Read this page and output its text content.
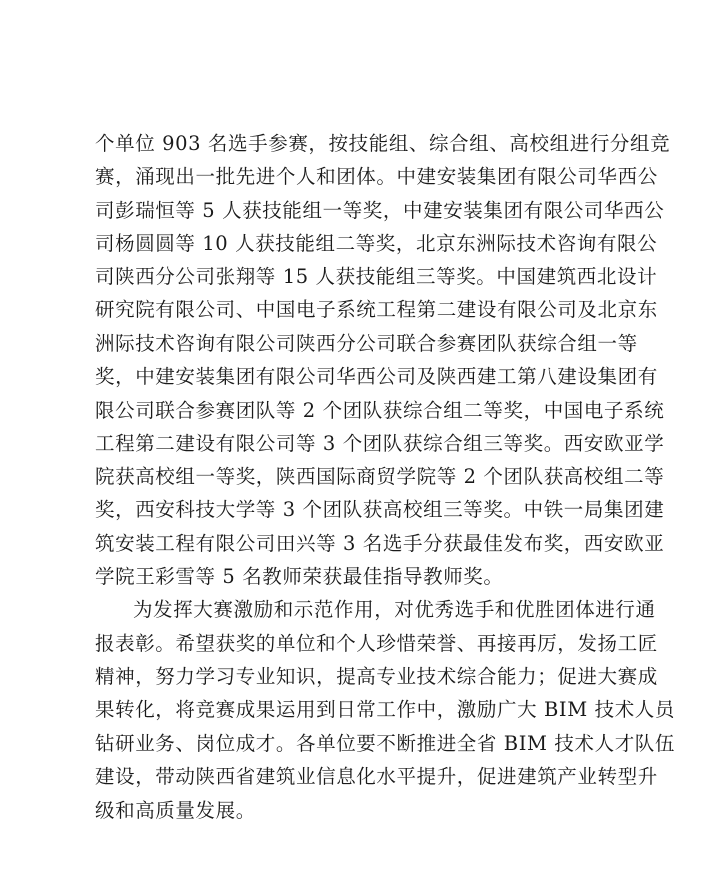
个单位 903 名选手参赛，按技能组、综合组、高校组进行分组竞
赛，涌现出一批先进个人和团体。中建安装集团有限公司华西公
司彭瑞恒等 5 人获技能组一等奖，中建安装集团有限公司华西公
司杨圆圆等 10 人获技能组二等奖，北京东洲际技术咨询有限公
司陕西分公司张翔等 15 人获技能组三等奖。中国建筑西北设计
研究院有限公司、中国电子系统工程第二建设有限公司及北京东
洲际技术咨询有限公司陕西分公司联合参赛团队获综合组一等
奖，中建安装集团有限公司华西公司及陕西建工第八建设集团有
限公司联合参赛团队等 2 个团队获综合组二等奖，中国电子系统
工程第二建设有限公司等 3 个团队获综合组三等奖。西安欧亚学
院获高校组一等奖，陕西国际商贸学院等 2 个团队获高校组二等
奖，西安科技大学等 3 个团队获高校组三等奖。中铁一局集团建
筑安装工程有限公司田兴等 3 名选手分获最佳发布奖，西安欧亚
学院王彩雪等 5 名教师荣获最佳指导教师奖。
为发挥大赛激励和示范作用，对优秀选手和优胜团体进行通
报表彰。希望获奖的单位和个人珍惜荣誉、再接再厉，发扬工匠
精神，努力学习专业知识，提高专业技术综合能力；促进大赛成
果转化，将竞赛成果运用到日常工作中，激励广大 BIM 技术人员
钻研业务、岗位成才。各单位要不断推进全省 BIM 技术人才队伍
建设，带动陕西省建筑业信息化水平提升，促进建筑产业转型升
级和高质量发展。
